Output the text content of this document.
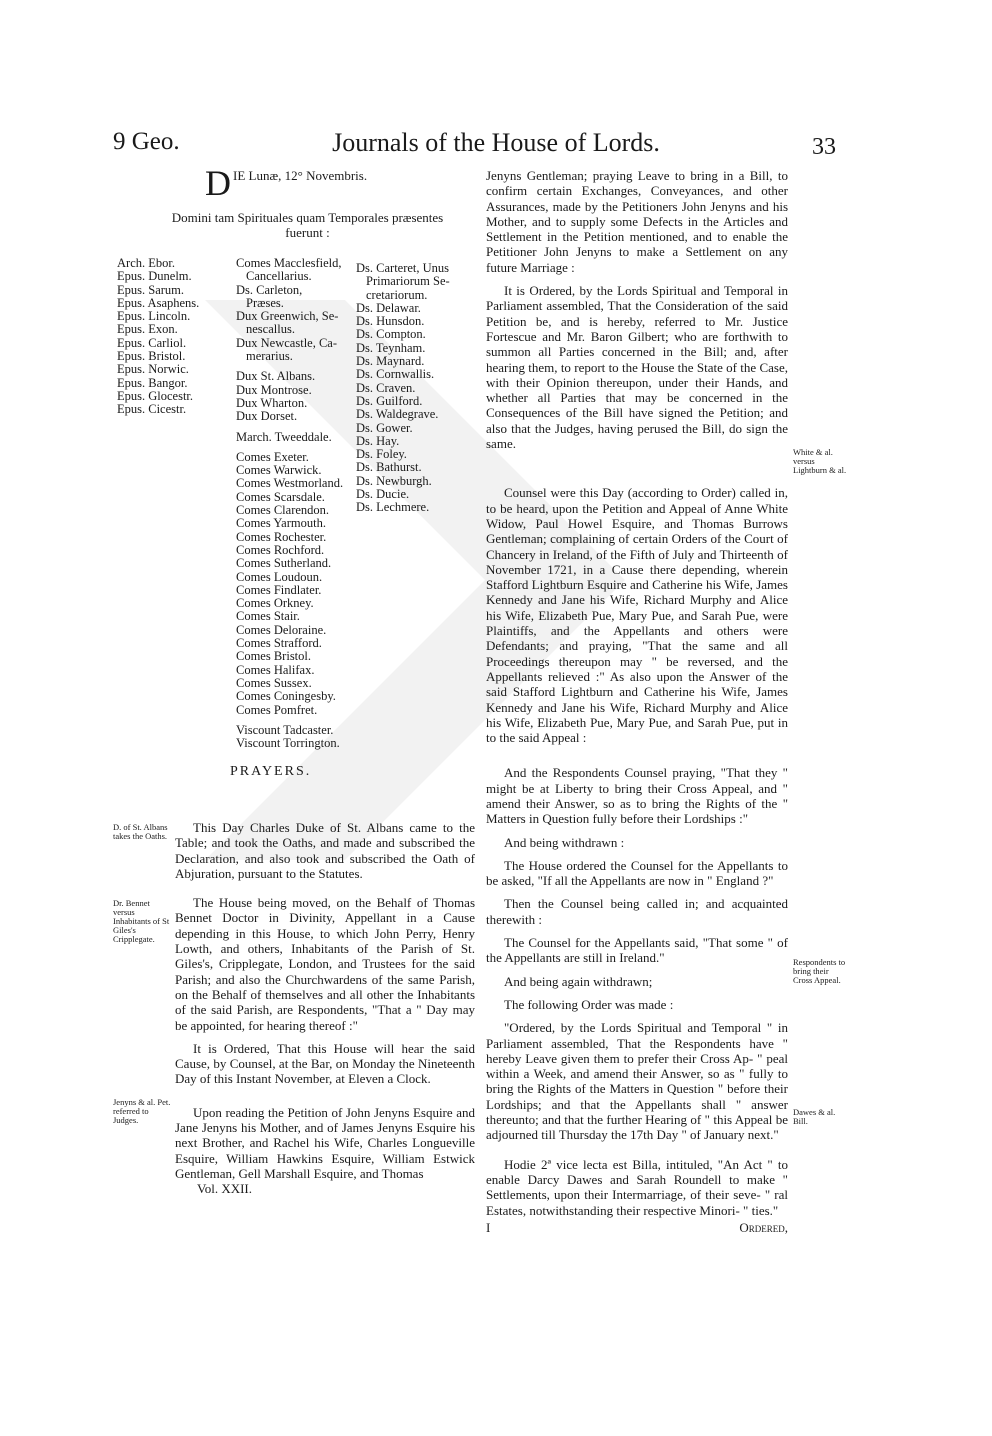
9 Geo.	Journals of the House of Lords.	33
D IE Lunæ, 12° Novembris.
Domini tam Spirituales quam Temporales præsentes fuerunt :
Arch. Ebor.
Epus. Dunelm.
Epus. Sarum.
Epus. Asaphens.
Epus. Lincoln.
Epus. Exon.
Epus. Carliol.
Epus. Bristol.
Epus. Norwic.
Epus. Bangor.
Epus. Glocestr.
Epus. Cicestr.
Comes Macclesfield,
Cancellarius.
Ds. Carleton,
Præses.
Dux Greenwich, Se-
nescallus.
Dux Newcastle, Ca-
merarius.
Dux St. Albans.
Dux Montrose.
Dux Wharton.
Dux Dorset.
March. Tweeddale.
Comes Exeter.
Comes Warwick.
Comes Westmorland.
Comes Scarsdale.
Comes Clarendon.
Comes Yarmouth.
Comes Rochester.
Comes Rochford.
Comes Sutherland.
Comes Loudoun.
Comes Findlater.
Comes Orkney.
Comes Stair.
Comes Deloraine.
Comes Strafford.
Comes Bristol.
Comes Halifax.
Comes Sussex.
Comes Coningesby.
Comes Pomfret.
Viscount Tadcaster.
Viscount Torrington.
Ds. Carteret, Unus
Primariorum Se-
cretariorum.
Ds. Delawar.
Ds. Hunsdon.
Ds. Compton.
Ds. Teynham.
Ds. Maynard.
Ds. Cornwallis.
Ds. Craven.
Ds. Guilford.
Ds. Waldegrave.
Ds. Gower.
Ds. Hay.
Ds. Foley.
Ds. Bathurst.
Ds. Newburgh.
Ds. Ducie.
Ds. Lechmere.
PRAYERS.
D. of St. Albans takes the Oaths.
Dr. Bennet versus Inhabitants of St Giles's Cripplegate.
Jenyns & al. Pet. referred to Judges.

This Day Charles Duke of St. Albans came to the Table; and took the Oaths, and made and subscribed the Declaration, and also took and subscribed the Oath of Abjuration, pursuant to the Statutes.

The House being moved, on the Behalf of Thomas Bennet Doctor in Divinity, Appellant in a Cause depending in this House, to which John Perry, Henry Lowth, and others, Inhabitants of the Parish of St. Giles's, Cripplegate, London, and Trustees for the said Parish; and also the Churchwardens of the same Parish, on the Behalf of themselves and all other the Inhabitants of the said Parish, are Respondents, "That a " Day may be appointed, for hearing thereof :"

It is Ordered, That this House will hear the said Cause, by Counsel, at the Bar, on Monday the Nineteenth Day of this Instant November, at Eleven a Clock.

Upon reading the Petition of John Jenyns Esquire and Jane Jenyns his Mother, and of James Jenyns Esquire his next Brother, and Rachel his Wife, Charles Longueville Esquire, William Hawkins Esquire, William Estwick Gentleman, Gell Marshall Esquire, and Thomas

Vol. XXII.
White & al. versus Lightburn & al.
Respondents to bring their Cross Appeal.
Dawes & al. Bill.

Jenyns Gentleman; praying Leave to bring in a Bill, to confirm certain Exchanges, Conveyances, and other Assurances, made by the Petitioners John Jenyns and his Mother, and to supply some Defects in the Articles and Settlement in the Petition mentioned, and to enable the Petitioner John Jenyns to make a Settlement on any future Marriage :

It is Ordered, by the Lords Spiritual and Temporal in Parliament assembled, That the Consideration of the said Petition be, and is hereby, referred to Mr. Justice Fortescue and Mr. Baron Gilbert; who are forthwith to summon all Parties concerned in the Bill; and, after hearing them, to report to the House the State of the Case, with their Opinion thereupon, under their Hands, and whether all Parties that may be concerned in the Consequences of the Bill have signed the Petition; and also that the Judges, having perused the Bill, do sign the same.

Counsel were this Day (according to Order) called in, to be heard, upon the Petition and Appeal of Anne White Widow, Paul Howel Esquire, and Thomas Burrows Gentleman; complaining of certain Orders of the Court of Chancery in Ireland, of the Fifth of July and Thirteenth of November 1721, in a Cause there depending, wherein Stafford Lightburn Esquire and Catherine his Wife, James Kennedy and Jane his Wife, Richard Murphy and Alice his Wife, Elizabeth Pue, Mary Pue, and Sarah Pue, were Plaintiffs, and the Appellants and others were Defendants; and praying, "That the same and all Proceedings thereupon may " be reversed, and the Appellants relieved :" As also upon the Answer of the said Stafford Lightburn and Catherine his Wife, James Kennedy and Jane his Wife, Richard Murphy and Alice his Wife, Elizabeth Pue, Mary Pue, and Sarah Pue, put in to the said Appeal :

And the Respondents Counsel praying, "That they " might be at Liberty to bring their Cross Appeal, and " amend their Answer, so as to bring the Rights of the " Matters in Question fully before their Lordships :"

And being withdrawn :

The House ordered the Counsel for the Appellants to be asked, "If all the Appellants are now in " England ?"

Then the Counsel being called in; and acquainted therewith :

The Counsel for the Appellants said, "That some " of the Appellants are still in Ireland."

And being again withdrawn;

The following Order was made :

"Ordered, by the Lords Spiritual and Temporal " in Parliament assembled, That the Respondents have " hereby Leave given them to prefer their Cross Ap- " peal within a Week, and amend their Answer, so as " fully to bring the Rights of the Matters in Question " before their Lordships; and that the Appellants shall " answer thereunto; and that the further Hearing of " this Appeal be adjourned till Thursday the 17th Day " of January next."

Hodie 2ª vice lecta est Billa, intituled, "An Act " to enable Darcy Dawes and Sarah Roundell to make " Settlements, upon their Intermarriage, of their seve- " ral Estates, notwithstanding their respective Minori- " ties."

I	Ordered,
